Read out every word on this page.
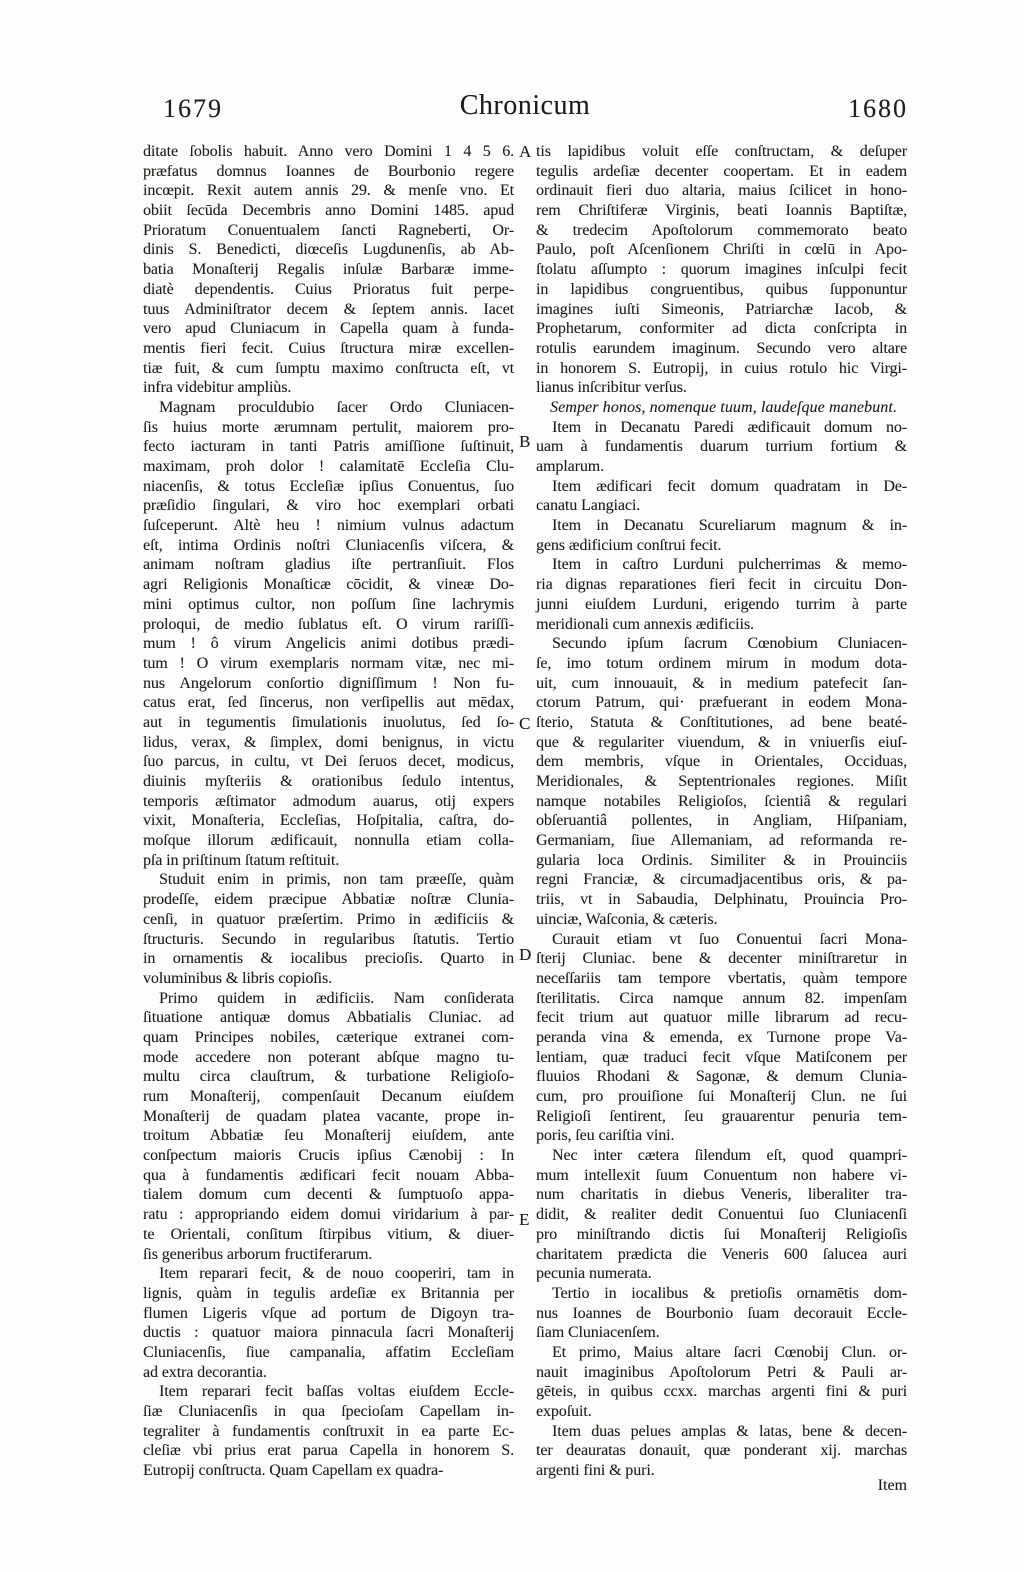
1679	Chronicum	1680
ditate ſobolis habuit. Anno vero Domini 1 4 5 6.
præfatus domnus Ioannes de Bourbonio regere
incœpit. Rexit autem annis 29. & menſe vno. Et
obiit ſecūda Decembris anno Domini 1485. apud
Prioratum Conuentualem ſancti Ragneberti, Or-
dinis S. Benedicti, diœceſis Lugdunenſis, ab Ab-
batia Monaſterij Regalis inſulæ Barbaræ imme-
diatè dependentis. Cuius Prioratus fuit perpe-
tuus Adminiſtrator decem & ſeptem annis. Iacet
vero apud Cluniacum in Capella quam à funda-
mentis fieri fecit. Cuius ſtructura miræ excellen-
tiæ fuit, & cum ſumptu maximo conſtructa eſt, vt
infra videbitur ampliùs.
Magnam proculdubio ſacer Ordo Cluniacen-
ſis huius morte ærumnam pertulit, maiorem pro-
fecto iacturam in tanti Patris amiſſione ſuſtinuit,
maximam, proh dolor ! calamitatē Eccleſia Clu-
niacenſis, & totus Eccleſiæ ipſius Conuentus, ſuo
præſidio ſingulari, & viro hoc exemplari orbati
ſuſceperunt. Altè heu ! nimium vulnus adactum
eſt, intima Ordinis noſtri Cluniacenſis viſcera, &
animam noſtram gladius iſte pertranſiuit. Flos
agri Religionis Monaſticæ cōcidit, & vineæ Do-
mini optimus cultor, non poſſum ſine lachrymis
proloqui, de medio ſublatus eſt. O virum rariſſi-
mum ! ô virum Angelicis animi dotibus prædi-
tum ! O virum exemplaris normam vitæ, nec mi-
nus Angelorum conſortio digniſſimum ! Non fu-
catus erat, ſed ſincerus, non verſipellis aut mēdax,
aut in tegumentis ſimulationis inuolutus, ſed ſo-
lidus, verax, & ſimplex, domi benignus, in victu
ſuo parcus, in cultu, vt Dei ſeruos decet, modicus,
diuinis myſteriis & orationibus ſedulo intentus,
temporis æſtimator admodum auarus, otij expers
vixit, Monaſteria, Eccleſias, Hoſpitalia, caſtra, do-
moſque illorum ædificauit, nonnulla etiam colla-
pſa in priſtinum ſtatum reſtituit.
Studuit enim in primis, non tam præeſſe, quàm
prodeſſe, eidem præcipue Abbatiæ noſtræ Clunia-
cenſi, in quatuor præſertim. Primo in ædificiis &
ſtructuris. Secundo in regularibus ſtatutis. Tertio
in ornamentis & iocalibus precioſis. Quarto in
voluminibus & libris copioſis.
Primo quidem in ædificiis. Nam conſiderata
ſituatione antiquæ domus Abbatialis Cluniac. ad
quam Principes nobiles, cæterique extranei com-
mode accedere non poterant abſque magno tu-
multu circa clauſtrum, & turbatione Religioſo-
rum Monaſterij, compenſauit Decanum eiuſdem
Monaſterij de quadam platea vacante, prope in-
troitum Abbatiæ ſeu Monaſterij eiuſdem, ante
conſpectum maioris Crucis ipſius Cænobij : In
qua à fundamentis ædificari fecit nouam Abba-
tialem domum cum decenti & ſumptuoſo appa-
ratu : appropriando eidem domui viridarium à par-
te Orientali, conſitum ſtirpibus vitium, & diuer-
ſis generibus arborum fructiferarum.
Item reparari fecit, & de nouo cooperiri, tam in
lignis, quàm in tegulis ardeſiæ ex Britannia per
flumen Ligeris vſque ad portum de Digoyn tra-
ductis : quatuor maiora pinnacula ſacri Monaſterij
Cluniacenſis, ſiue campanalia, affatim Eccleſiam
ad extra decorantia.
Item reparari fecit baſſas voltas eiuſdem Eccle-
ſiæ Cluniacenſis in qua ſpecioſam Capellam in-
tegraliter à fundamentis conſtruxit in ea parte Ec-
cleſiæ vbi prius erat parua Capella in honorem S.
Eutropij conſtructa. Quam Capellam ex quadra-
tis lapidibus voluit eſſe conſtructam, & deſuper
tegulis ardeſiæ decenter coopertam. Et in eadem
ordinauit fieri duo altaria, maius ſcilicet in hono-
rem Chriſtiferæ Virginis, beati Ioannis Baptiſtæ,
& tredecim Apoſtolorum commemorato beato
Paulo, poſt Aſcenſionem Chriſti in cœlū in Apo-
ſtolatu aſſumpto : quorum imagines inſculpi fecit
in lapidibus congruentibus, quibus ſupponuntur
imagines iuſti Simeonis, Patriarchæ Iacob, &
Prophetarum, conformiter ad dicta conſcripta in
rotulis earundem imaginum. Secundo vero altare
in honorem S. Eutropij, in cuius rotulo hic Virgi-
lianus inſcribitur verſus.
Semper honos, nomenque tuum, laudeſque manebunt.
Item in Decanatu Paredi ædificauit domum no-
uam à fundamentis duarum turrium fortium &
amplarum.
Item ædificari fecit domum quadratam in De-
canatu Langiaci.
Item in Decanatu Scureliarum magnum & in-
gens ædificium conſtrui fecit.
Item in caſtro Lurduni pulcherrimas & memo-
ria dignas reparationes fieri fecit in circuitu Don-
junni eiuſdem Lurduni, erigendo turrim à parte
meridionali cum annexis ædificiis.
Secundo ipſum ſacrum Cœnobium Cluniacen-
ſe, imo totum ordinem mirum in modum dota-
uit, cum innouauit, & in medium patefecit ſan-
ctorum Patrum, qui· præfuerant in eodem Mona-
ſterio, Statuta & Conſtitutiones, ad bene beaté-
que & regulariter viuendum, & in vniuerſis eiuſ-
dem membris, vſque in Orientales, Occiduas,
Meridionales, & Septentrionales regiones. Miſit
namque notabiles Religioſos, ſcientiâ & regulari
obſeruantiâ pollentes, in Angliam, Hiſpaniam,
Germaniam, ſiue Allemaniam, ad reformanda re-
gularia loca Ordinis. Similiter & in Prouinciis
regni Franciæ, & circumadjacentibus oris, & pa-
triis, vt in Sabaudia, Delphinatu, Prouincia Pro-
uinciæ, Waſconia, & cæteris.
Curauit etiam vt ſuo Conuentui ſacri Mona-
ſterij Cluniac. bene & decenter miniſtraretur in
neceſſariis tam tempore vbertatis, quàm tempore
ſterilitatis. Circa namque annum 82. impenſam
fecit trium aut quatuor mille librarum ad recu-
peranda vina & emenda, ex Turnone prope Va-
lentiam, quæ traduci fecit vſque Matiſconem per
fluuios Rhodani & Sagonæ, & demum Clunia-
cum, pro prouiſione ſui Monaſterij Clun. ne ſui
Religioſi ſentirent, ſeu grauarentur penuria tem-
poris, ſeu cariſtia vini.
Nec inter cætera ſilendum eſt, quod quampri-
mum intellexit ſuum Conuentum non habere vi-
num charitatis in diebus Veneris, liberaliter tra-
didit, & realiter dedit Conuentui ſuo Cluniacenſi
pro miniſtrando dictis ſui Monaſterij Religioſis
charitatem prædicta die Veneris 600 ſalucea auri
pecunia numerata.
Tertio in iocalibus & pretioſis ornamētis dom-
nus Ioannes de Bourbonio ſuam decorauit Eccle-
ſiam Cluniacenſem.
Et primo, Maius altare ſacri Cœnobij Clun. or-
nauit imaginibus Apoſtolorum Petri & Pauli ar-
gēteis, in quibus ccxx. marchas argenti fini & puri
expoſuit.
Item duas pelues amplas & latas, bene & decen-
ter deauratas donauit, quæ ponderant xij. marchas
argenti fini & puri.
A
B
C
D
E
Item
